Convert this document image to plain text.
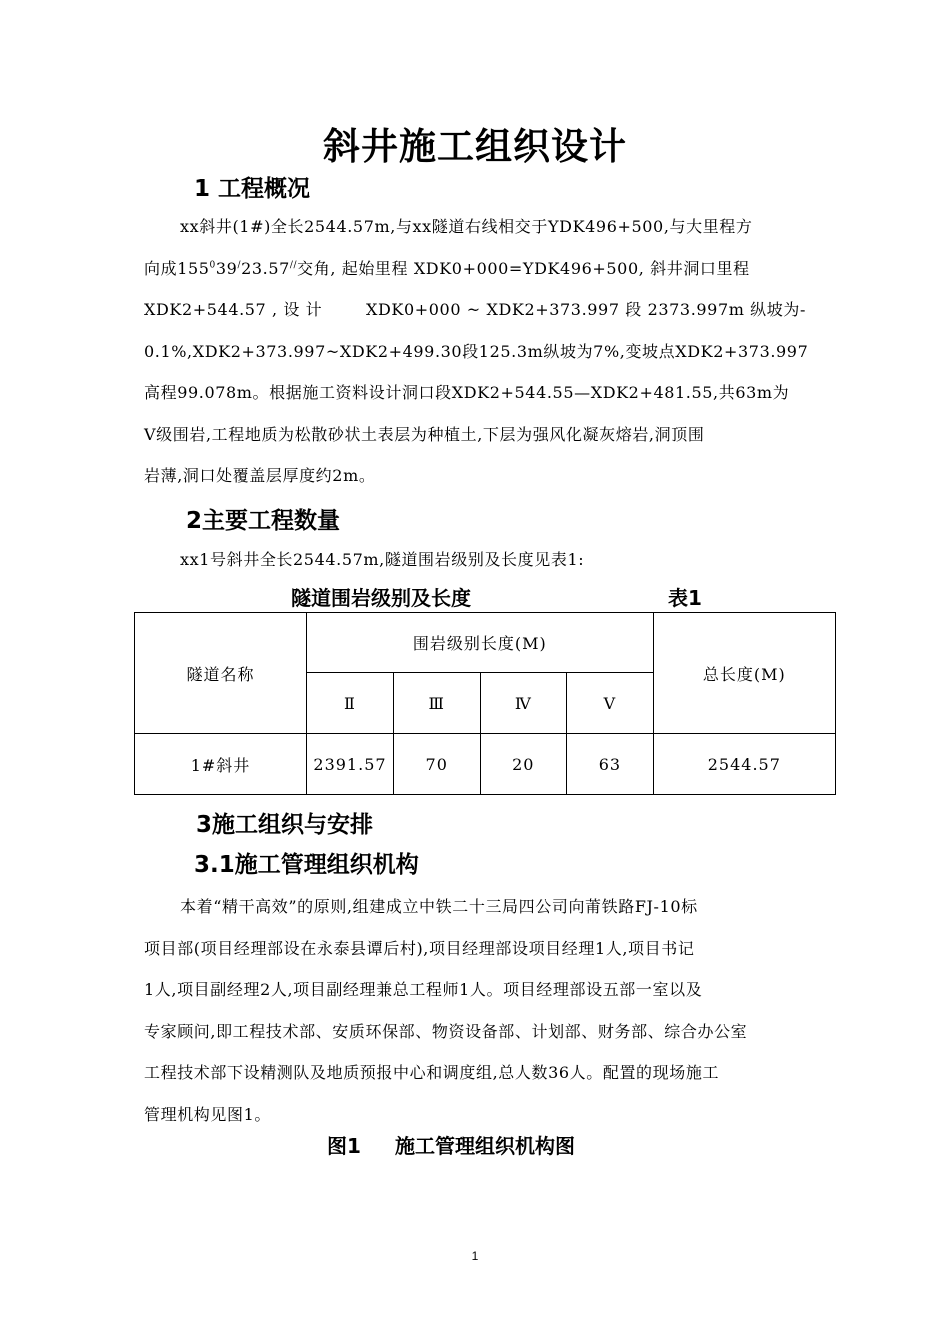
斜井施工组织设计
1 工程概况
xx斜井(1#)全长2544.57m,与xx隧道右线相交于YDK496+500,与大里程方
向成$155^039^/23.57^{//}$交角, 起始里程 XDK0+000=YDK496+500, 斜井洞口里程
XDK2+544.57 , 设 计	XDK0+000 ~ XDK2+373.997 段 2373.997m 纵坡为-
0.1%,XDK2+373.997~XDK2+499.30段125.3m纵坡为7%,变坡点XDK2+373.997
高程99.078m。根据施工资料设计洞口段XDK2+544.55—XDK2+481.55,共63m为
Ⅴ级围岩,工程地质为松散砂状土表层为种植土,下层为强风化凝灰熔岩,洞顶围
岩薄,洞口处覆盖层厚度约2m。
2主要工程数量
xx1号斜井全长2544.57m,隧道围岩级别及长度见表1:
隧道围岩级别及长度	表1
隧道名称	围岩级别长度(M)				总长度(M)
	Ⅱ	Ⅲ	Ⅳ	Ⅴ	
1#斜井	2391.57	70	20	63	2544.57
3施工组织与安排
3.1施工管理组织机构
本着“精干高效”的原则,组建成立中铁二十三局四公司向莆铁路FJ-10标
项目部(项目经理部设在永泰县谭后村),项目经理部设项目经理1人,项目书记
1人,项目副经理2人,项目副经理兼总工程师1人。项目经理部设五部一室以及
专家顾问,即工程技术部、安质环保部、物资设备部、计划部、财务部、综合办公室
工程技术部下设精测队及地质预报中心和调度组,总人数36人。配置的现场施工
管理机构见图1。
图1 施工管理组织机构图
1
